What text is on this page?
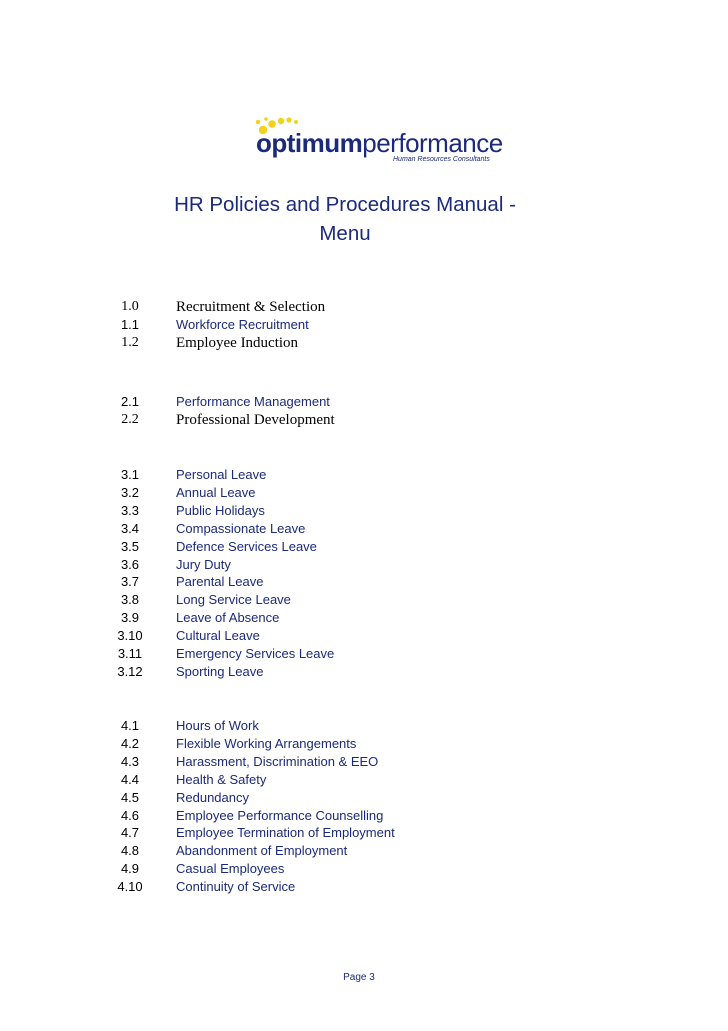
optimumperformance
Human Resources Consultants
HR Policies and Procedures Manual -
Menu
1.0	Recruitment & Selection
1.1	Workforce Recruitment
1.2	Employee Induction
2.1	Performance Management
2.2	Professional Development
3.1	Personal Leave
3.2	Annual Leave
3.3	Public Holidays
3.4	Compassionate Leave
3.5	Defence Services Leave
3.6	Jury Duty
3.7	Parental Leave
3.8	Long Service Leave
3.9	Leave of Absence
3.10	Cultural Leave
3.11	Emergency Services Leave
3.12	Sporting Leave
4.1	Hours of Work
4.2	Flexible Working Arrangements
4.3	Harassment, Discrimination & EEO
4.4	Health & Safety
4.5	Redundancy
4.6	Employee Performance Counselling
4.7	Employee Termination of Employment
4.8	Abandonment of Employment
4.9	Casual Employees
4.10	Continuity of Service
Page 3
